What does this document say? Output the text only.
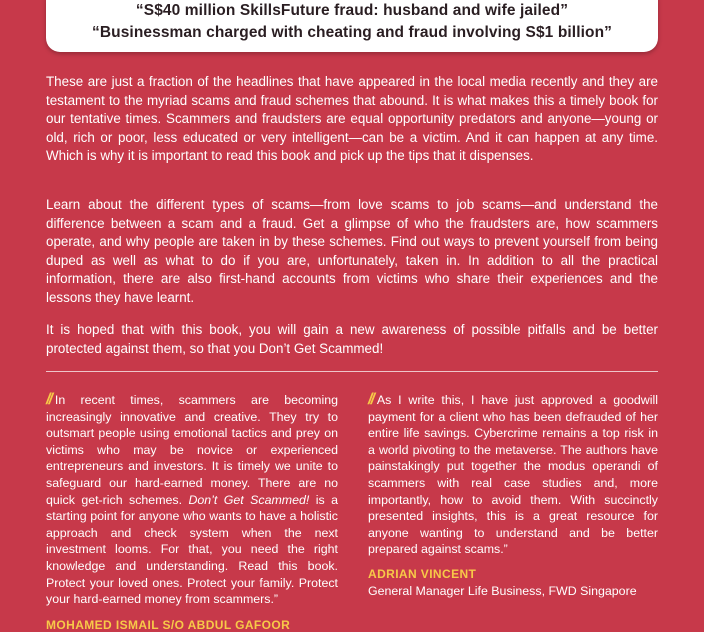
“S$40 million SkillsFuture fraud: husband and wife jailed”
“Businessman charged with cheating and fraud involving S$1 billion”

These are just a fraction of the headlines that have appeared in the local media recently and they are testament to the myriad scams and fraud schemes that abound. It is what makes this a timely book for our tentative times. Scammers and fraudsters are equal opportunity predators and anyone—young or old, rich or poor, less educated or very intelligent—can be a victim. And it can happen at any time. Which is why it is important to read this book and pick up the tips that it dispenses.

Learn about the different types of scams—from love scams to job scams—and understand the difference between a scam and a fraud. Get a glimpse of who the fraudsters are, how scammers operate, and why people are taken in by these schemes. Find out ways to prevent yourself from being duped as well as what to do if you are, unfortunately, taken in. In addition to all the practical information, there are also first-hand accounts from victims who share their experiences and the lessons they have learnt.

It is hoped that with this book, you will gain a new awareness of possible pitfalls and be better protected against them, so that you Don’t Get Scammed!

// In recent times, scammers are becoming increasingly innovative and creative. They try to outsmart people using emotional tactics and prey on victims who may be novice or experienced entrepreneurs and investors. It is timely we unite to safeguard our hard-earned money. There are no quick get-rich schemes. Don’t Get Scammed! is a starting point for anyone who wants to have a holistic approach and check system when the next investment looms. For that, you need the right knowledge and understanding. Read this book. Protect your loved ones. Protect your family. Protect your hard-earned money from scammers.”

// As I write this, I have just approved a goodwill payment for a client who has been defrauded of her entire life savings. Cybercrime remains a top risk in a world pivoting to the metaverse. The authors have painstakingly put together the modus operandi of scammers with real case studies and, more importantly, how to avoid them. With succinctly presented insights, this is a great resource for anyone wanting to understand and be better prepared against scams.”

ADRIAN VINCENT
General Manager Life Business, FWD Singapore
MOHAMED ISMAIL S/O ABDUL GAFOOR
